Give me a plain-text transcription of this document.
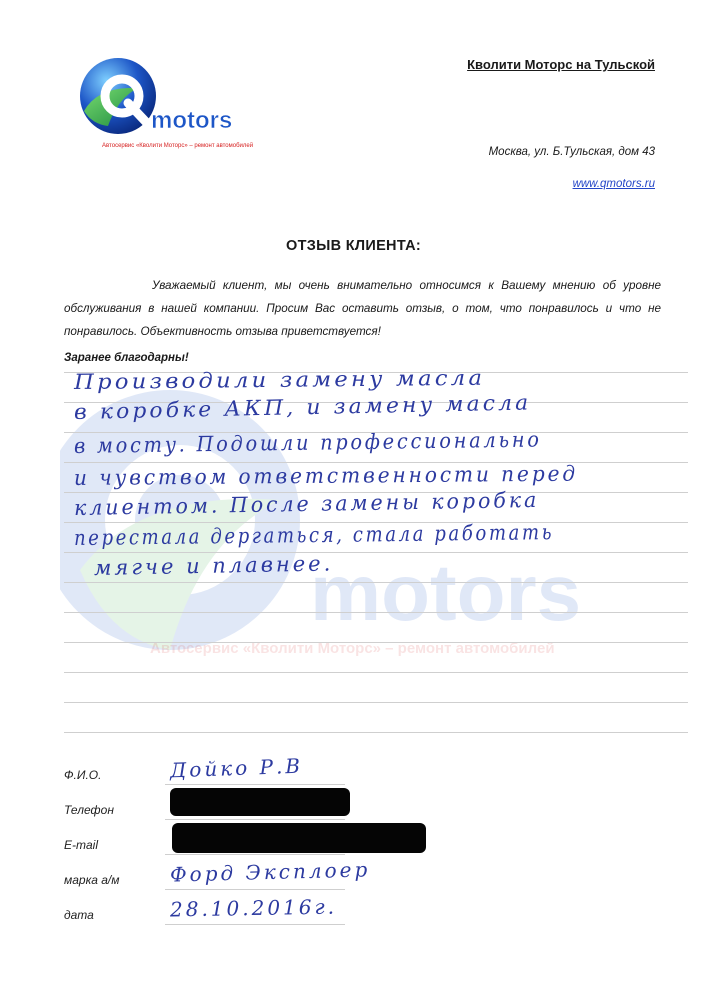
motors
Автосервис «Кволити Моторс» – ремонт автомобилей
Кволити Моторс на Тульской
Москва, ул. Б.Тульская, дом 43
www.qmotors.ru
ОТЗЫВ КЛИЕНТА:
Уважаемый клиент, мы очень внимательно относимся к Вашему мнению об уровне обслуживания в нашей компании. Просим Вас оставить отзыв, о том, что понравилось и что не понравилось. Объективность отзыва приветствуется!
Заранее благодарны!
motors
Автосервис «Кволити Моторс» – ремонт автомобилей
Производили замену масла
в коробке АКП, и замену масла
в мосту. Подошли профессионально
и чувством ответственности перед
клиентом. После замены коробка
перестала дергаться, стала работать
мягче и плавнее.
Ф.И.О.	Дойко Р.В
Телефон
E-mail
марка а/м	Форд Эксплоер
дата	28.10.2016г.
